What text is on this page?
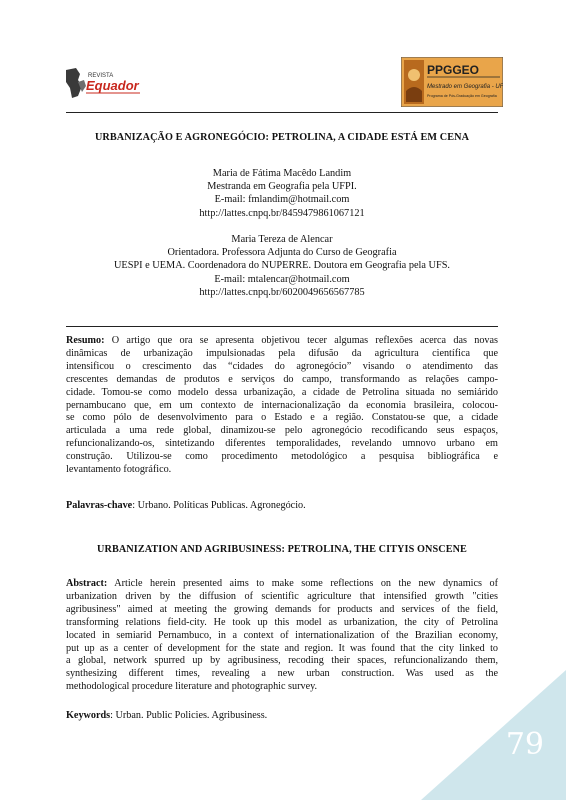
REVISTA
Equador
PPGGEO
Mestrado em Geografia - UFPI
Programa de Pós-Graduação em Geografia
URBANIZAÇÃO E AGRONEGÓCIO: PETROLINA, A CIDADE ESTÁ EM CENA
Maria de Fátima Macêdo Landim
Mestranda em Geografia pela UFPI.
E-mail: fmlandim@hotmail.com
http://lattes.cnpq.br/8459479861067121
Maria Tereza de Alencar
Orientadora. Professora Adjunta do Curso de Geografia
UESPI e UEMA. Coordenadora do NUPERRE. Doutora em Geografia pela UFS.
E-mail: mtalencar@hotmail.com
http://lattes.cnpq.br/6020049656567785
Resumo: O artigo que ora se apresenta objetivou tecer algumas reflexões acerca das novas
dinâmicas de urbanização impulsionadas pela difusão da agricultura científica que
intensificou o crescimento das “cidades do agronegócio” visando o atendimento das
crescentes demandas de produtos e serviços do campo, transformando as relações campo-
cidade. Tomou-se como modelo dessa urbanização, a cidade de Petrolina situada no semiárido
pernambucano que, em um contexto de internacionalização da economia brasileira, colocou-
se como pólo de desenvolvimento para o Estado e a região. Constatou-se que, a cidade
articulada a uma rede global, dinamizou-se pelo agronegócio recodificando seus espaços,
refuncionalizando-os, sintetizando diferentes temporalidades, revelando umnovo urbano em
construção. Utilizou-se como procedimento metodológico a pesquisa bibliográfica e
levantamento fotográfico.
Palavras-chave: Urbano. Políticas Publicas. Agronegócio.
URBANIZATION AND AGRIBUSINESS: PETROLINA, THE CITYIS ONSCENE
Abstract: Article herein presented aims to make some reflections on the new dynamics of
urbanization driven by the diffusion of scientific agriculture that intensified growth "cities
agribusiness" aimed at meeting the growing demands for products and services of the field,
transforming relations field-city. He took up this model as urbanization, the city of Petrolina
located in semiarid Pernambuco, in a context of internationalization of the Brazilian economy,
put up as a center of development for the state and region. It was found that the city linked to
a global, network spurred up by agribusiness, recoding their spaces, refuncionalizando them,
synthesizing different times, revealing a new urban construction. Was used as the
methodological procedure literature and photographic survey.
Keywords: Urban. Public Policies. Agribusiness.
79
